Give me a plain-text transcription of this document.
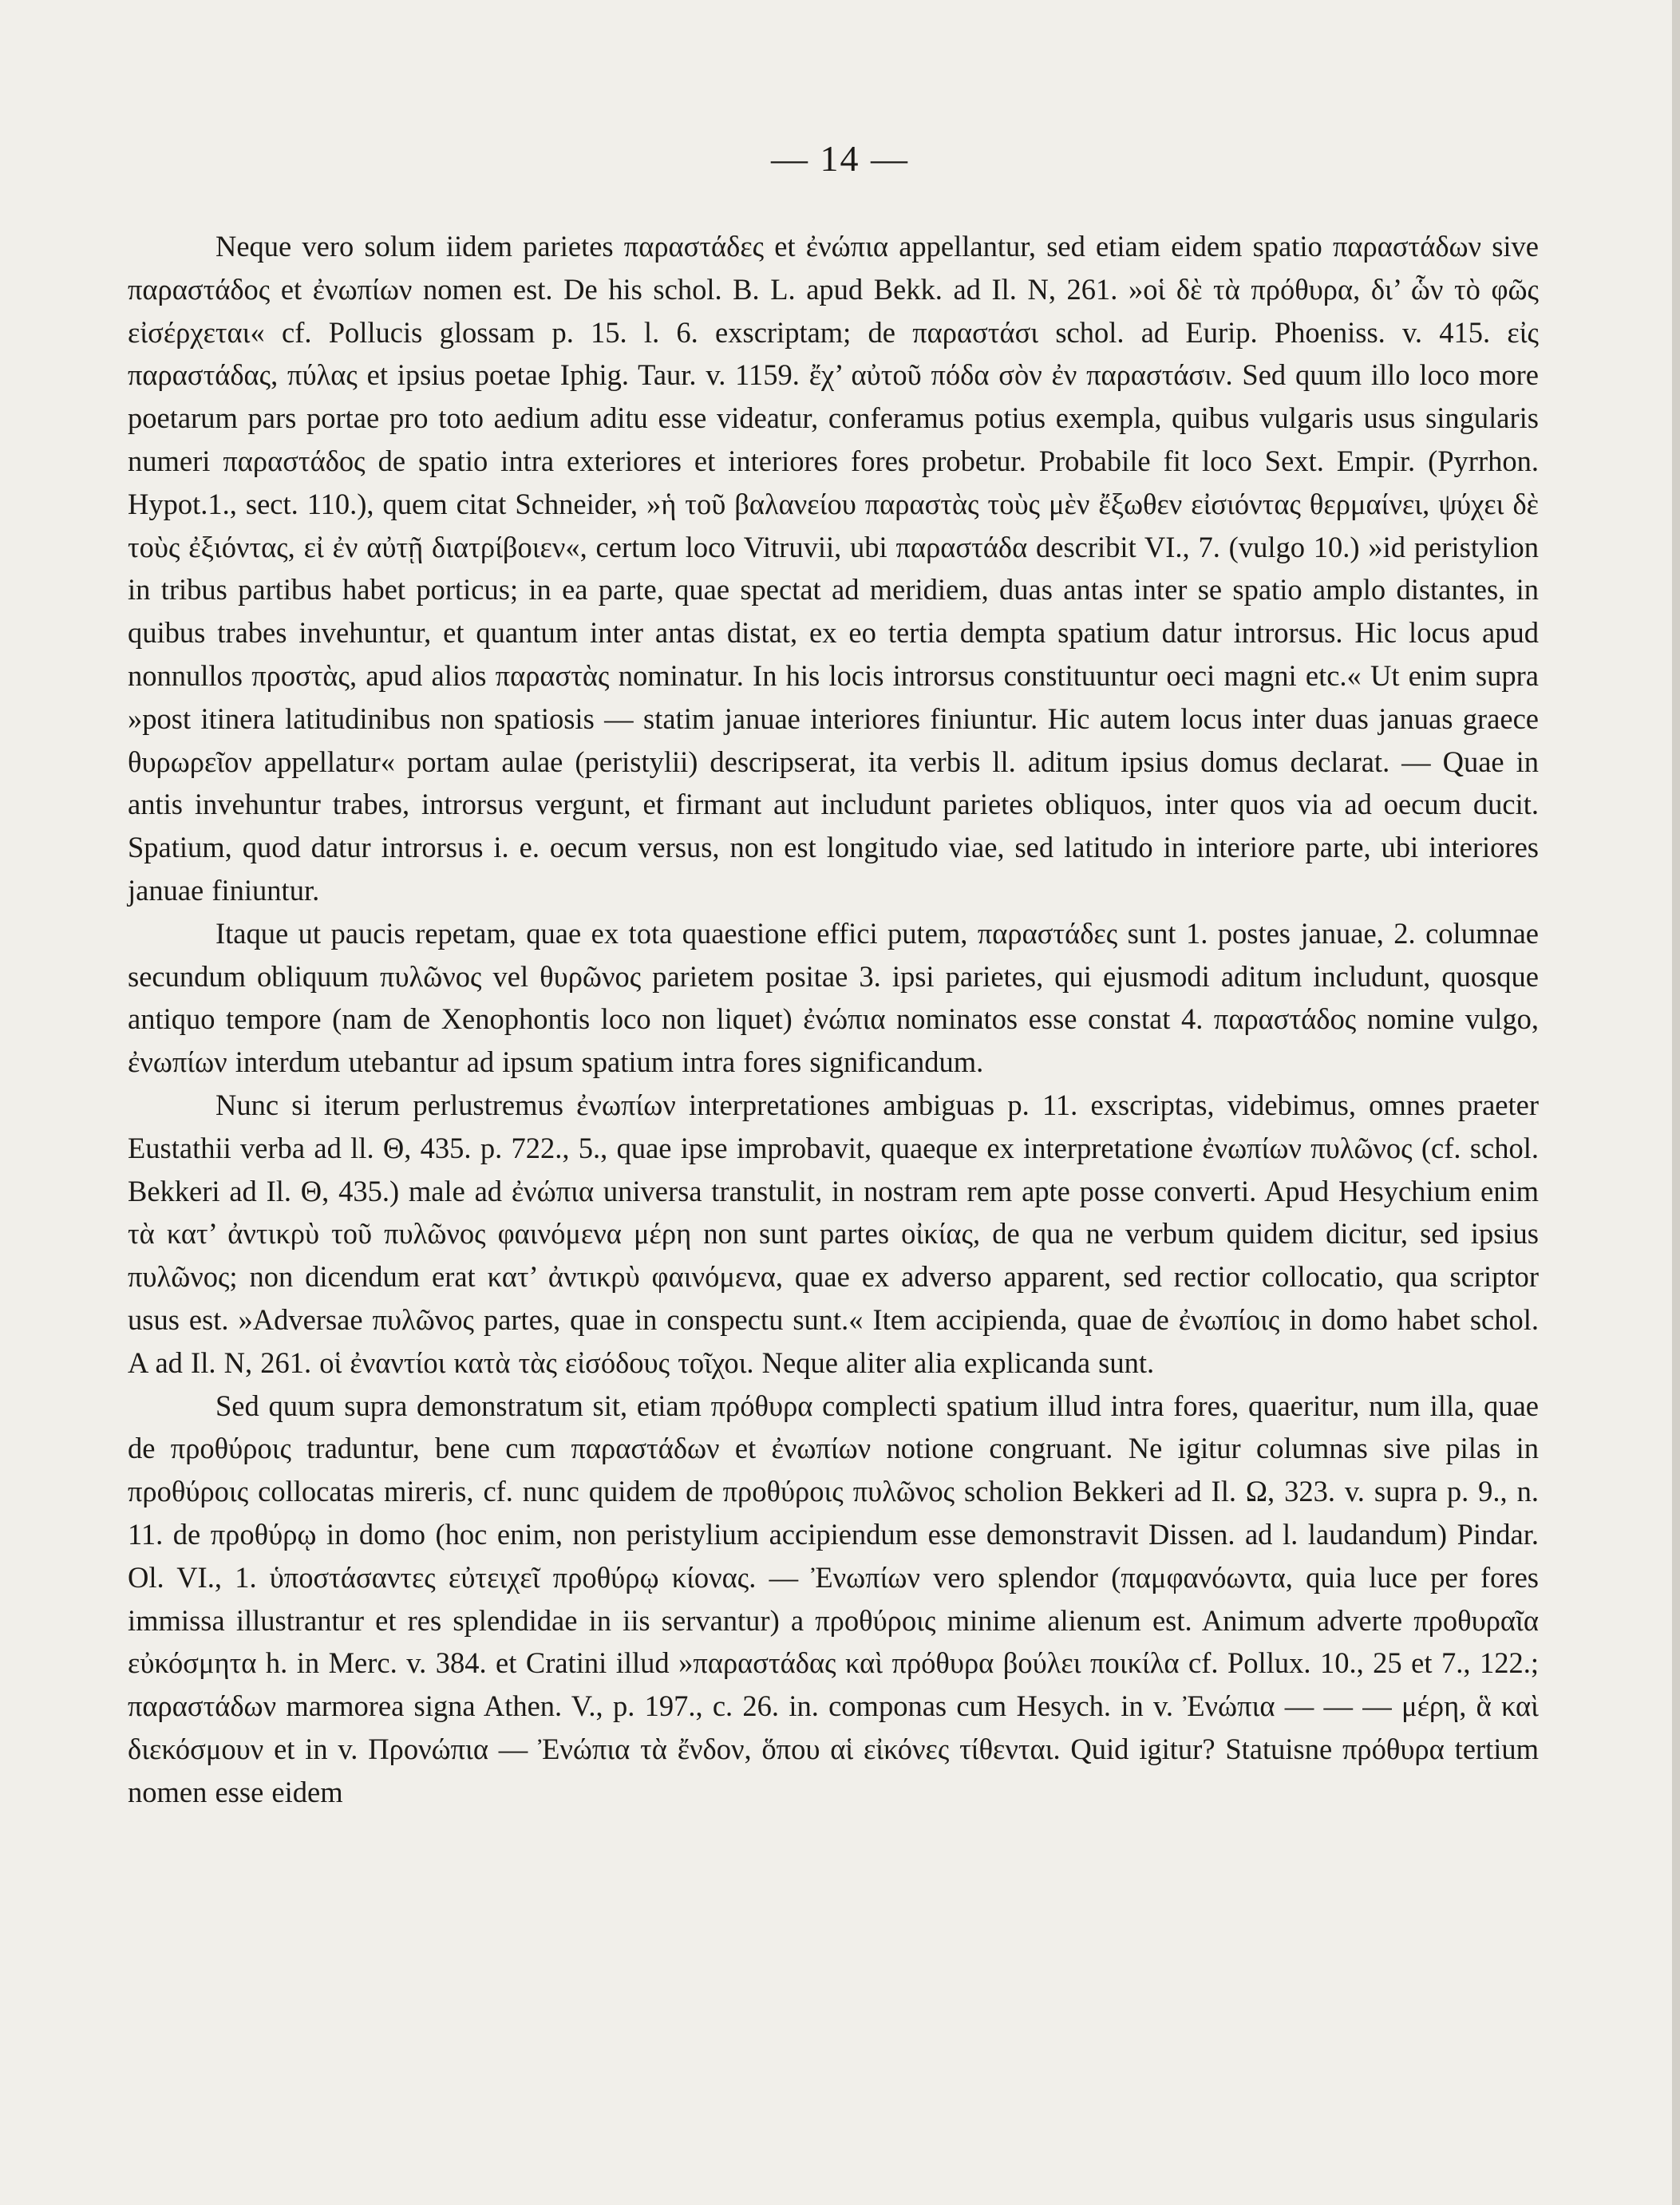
— 14 —

Neque vero solum iidem parietes παραστάδες et ἐνώπια appellantur, sed etiam eidem spatio παραστάδων sive παραστάδος et ἐνωπίων nomen est. De his schol. B. L. apud Bekk. ad Il. N, 261. »οἱ δὲ τὰ πρόθυρα, δι’ ὧν τὸ φῶς εἰσέρχεται« cf. Pollucis glossam p. 15. l. 6. exscriptam; de παραστάσι schol. ad Eurip. Phoeniss. v. 415. εἰς παραστάδας, πύλας et ipsius poetae Iphig. Taur. v. 1159. ἔχ’ αὐτοῦ πόδα σὸν ἐν παραστάσιν. Sed quum illo loco more poetarum pars portae pro toto aedium aditu esse videatur, conferamus potius exempla, quibus vulgaris usus singularis numeri παραστάδος de spatio intra exteriores et interiores fores probetur. Probabile fit loco Sext. Empir. (Pyrrhon. Hypot.1., sect. 110.), quem citat Schneider, »ἡ τοῦ βαλανείου παραστὰς τοὺς μὲν ἔξωθεν εἰσιόντας θερμαίνει, ψύχει δὲ τοὺς ἐξιόντας, εἰ ἐν αὐτῇ διατρίβοιεν«, certum loco Vitruvii, ubi παραστάδα describit VI., 7. (vulgo 10.) »id peristylion in tribus partibus habet porticus; in ea parte, quae spectat ad meridiem, duas antas inter se spatio amplo distantes, in quibus trabes invehuntur, et quantum inter antas distat, ex eo tertia dempta spatium datur introrsus. Hic locus apud nonnullos προστὰς, apud alios παραστὰς nominatur. In his locis introrsus constituuntur oeci magni etc.« Ut enim supra »post itinera latitudinibus non spatiosis — statim januae interiores finiuntur. Hic autem locus inter duas januas graece θυρωρεῖον appellatur« portam aulae (peristylii) descripserat, ita verbis ll. aditum ipsius domus declarat. — Quae in antis invehuntur trabes, introrsus vergunt, et firmant aut includunt parietes obliquos, inter quos via ad oecum ducit. Spatium, quod datur introrsus i. e. oecum versus, non est longitudo viae, sed latitudo in interiore parte, ubi interiores januae finiuntur.

Itaque ut paucis repetam, quae ex tota quaestione effici putem, παραστάδες sunt 1. postes januae, 2. columnae secundum obliquum πυλῶνος vel θυρῶνος parietem positae 3. ipsi parietes, qui ejusmodi aditum includunt, quosque antiquo tempore (nam de Xenophontis loco non liquet) ἐνώπια nominatos esse constat 4. παραστάδος nomine vulgo, ἐνωπίων interdum utebantur ad ipsum spatium intra fores significandum.

Nunc si iterum perlustremus ἐνωπίων interpretationes ambiguas p. 11. exscriptas, videbimus, omnes praeter Eustathii verba ad ll. Θ, 435. p. 722., 5., quae ipse improbavit, quaeque ex interpretatione ἐνωπίων πυλῶνος (cf. schol. Bekkeri ad Il. Θ, 435.) male ad ἐνώπια universa transtulit, in nostram rem apte posse converti. Apud Hesychium enim τὰ κατ’ ἀντικρὺ τοῦ πυλῶνος φαινόμενα μέρη non sunt partes οἰκίας, de qua ne verbum quidem dicitur, sed ipsius πυλῶνος; non dicendum erat κατ’ ἀντικρὺ φαινόμενα, quae ex adverso apparent, sed rectior collocatio, qua scriptor usus est. »Adversae πυλῶνος partes, quae in conspectu sunt.« Item accipienda, quae de ἐνωπίοις in domo habet schol. A ad Il. N, 261. οἱ ἐναντίοι κατὰ τὰς εἰσόδους τοῖχοι. Neque aliter alia explicanda sunt.

Sed quum supra demonstratum sit, etiam πρόθυρα complecti spatium illud intra fores, quaeritur, num illa, quae de προθύροις traduntur, bene cum παραστάδων et ἐνωπίων notione congruant. Ne igitur columnas sive pilas in προθύροις collocatas mireris, cf. nunc quidem de προθύροις πυλῶνος scholion Bekkeri ad Il. Ω, 323. v. supra p. 9., n. 11. de προθύρῳ in domo (hoc enim, non peristylium accipiendum esse demonstravit Dissen. ad l. laudandum) Pindar. Ol. VI., 1. ὑποστάσαντες εὐτειχεῖ προθύρῳ κίονας. — Ἐνωπίων vero splendor (παμφανόωντα, quia luce per fores immissa illustrantur et res splendidae in iis servantur) a προθύροις minime alienum est. Animum adverte προθυραῖα εὐκόσμητα h. in Merc. v. 384. et Cratini illud »παραστάδας καὶ πρόθυρα βούλει ποικίλα cf. Pollux. 10., 25 et 7., 122.; παραστάδων marmorea signa Athen. V., p. 197., c. 26. in. componas cum Hesych. in v. Ἐνώπια — — — μέρη, ἃ καὶ διεκόσμουν et in v. Προνώπια — Ἐνώπια τὰ ἔνδον, ὅπου αἱ εἰκόνες τίθενται. Quid igitur? Statuisne πρόθυρα tertium nomen esse eidem
